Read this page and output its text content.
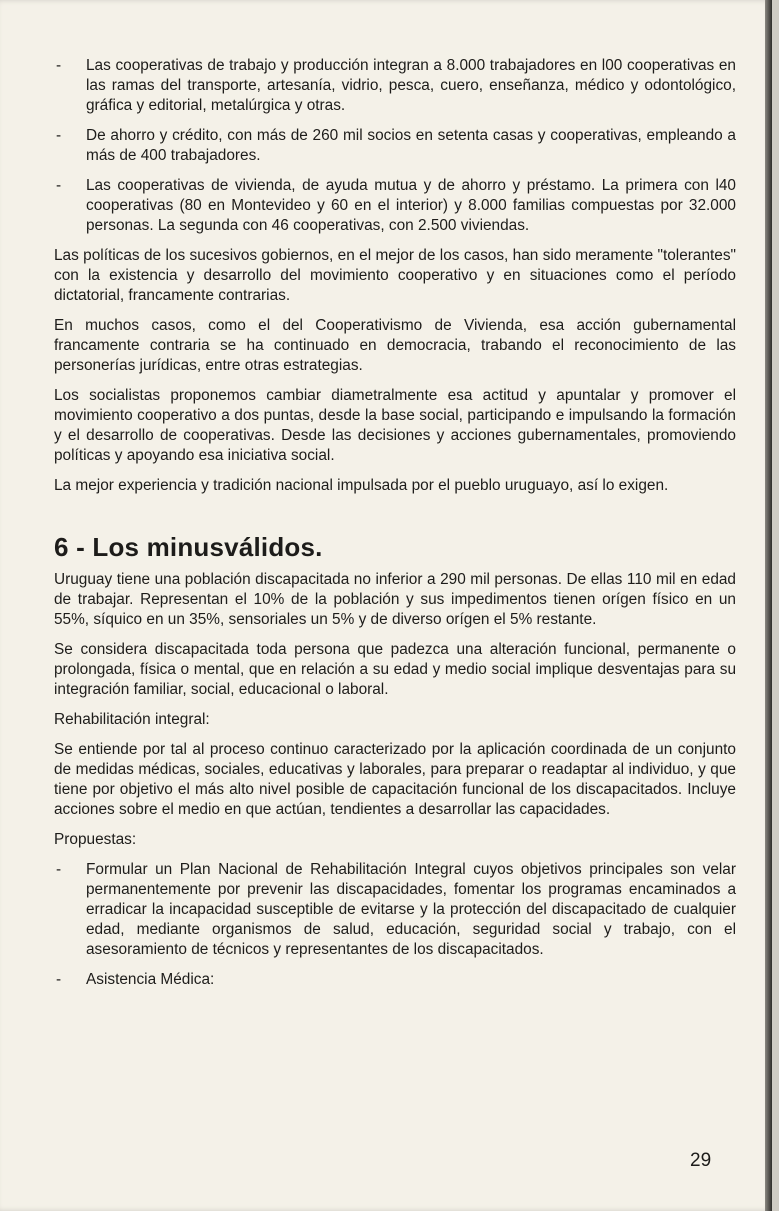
- Las cooperativas de trabajo y producción integran a 8.000 trabajadores en l00 cooperativas en las ramas del transporte, artesanía, vidrio, pesca, cuero, enseñanza, médico y odontológico, gráfica y editorial, metalúrgica y otras.
- De ahorro y crédito, con más de 260 mil socios en setenta casas y cooperativas, empleando a más de 400 trabajadores.
- Las cooperativas de vivienda, de ayuda mutua y de ahorro y préstamo. La primera con l40 cooperativas (80 en Montevideo y 60 en el interior) y 8.000 familias compuestas por 32.000 personas. La segunda con 46 cooperativas, con 2.500 viviendas.

Las políticas de los sucesivos gobiernos, en el mejor de los casos, han sido meramente "tolerantes" con la existencia y desarrollo del movimiento cooperativo y en situaciones como el período dictatorial, francamente contrarias.

En muchos casos, como el del Cooperativismo de Vivienda, esa acción gubernamental francamente contraria se ha continuado en democracia, trabando el reconocimiento de las personerías jurídicas, entre otras estrategias.

Los socialistas proponemos cambiar diametralmente esa actitud y apuntalar y promover el movimiento cooperativo a dos puntas, desde la base social, participando e impulsando la formación y el desarrollo de cooperativas. Desde las decisiones y acciones gubernamentales, promoviendo políticas y apoyando esa iniciativa social.

La mejor experiencia y tradición nacional impulsada por el pueblo uruguayo, así lo exigen.

6 - Los minusválidos.

Uruguay tiene una población discapacitada no inferior a 290 mil personas. De ellas 110 mil en edad de trabajar. Representan el 10% de la población y sus impedimentos tienen orígen físico en un 55%, síquico en un 35%, sensoriales un 5% y de diverso orígen el 5% restante.

Se considera discapacitada toda persona que padezca una alteración funcional, permanente o prolongada, física o mental, que en relación a su edad y medio social implique desventajas para su integración familiar, social, educacional o laboral.

Rehabilitación integral:

Se entiende por tal al proceso continuo caracterizado por la aplicación coordinada de un conjunto de medidas médicas, sociales, educativas y laborales, para preparar o readaptar al individuo, y que tiene por objetivo el más alto nivel posible de capacitación funcional de los discapacitados. Incluye acciones sobre el medio en que actúan, tendientes a desarrollar las capacidades.

Propuestas:
- Formular un Plan Nacional de Rehabilitación Integral cuyos objetivos principales son velar permanentemente por prevenir las discapacidades, fomentar los programas encaminados a erradicar la incapacidad susceptible de evitarse y la protección del discapacitado de cualquier edad, mediante organismos de salud, educación, seguridad social y trabajo, con el asesoramiento de técnicos y representantes de los discapacitados.
- Asistencia Médica:
29
